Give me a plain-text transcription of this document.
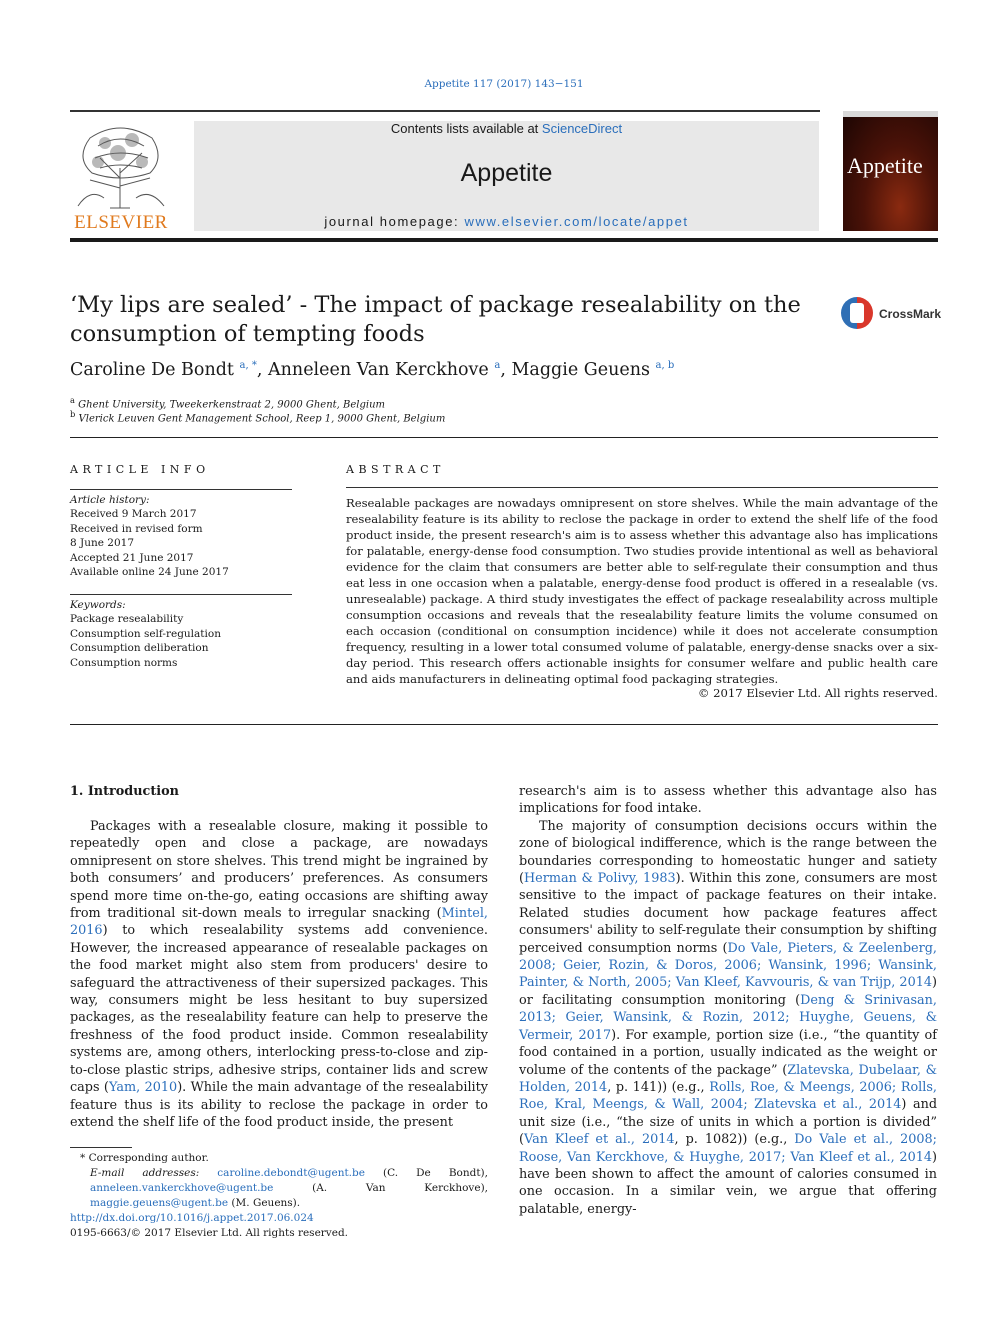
Appetite 117 (2017) 143−151
ELSEVIER
Contents lists available at ScienceDirect
Appetite
journal homepage: www.elsevier.com/locate/appet
Appetite
‘My lips are sealed’ - The impact of package resealability on the
consumption of tempting foods
CrossMark
Caroline De Bondt $^{a, *}$, Anneleen Van Kerckhove $^a$, Maggie Geuens $^{a, b}$
$^a$ Ghent University, Tweekerkenstraat 2, 9000 Ghent, Belgium
$^b$ Vlerick Leuven Gent Management School, Reep 1, 9000 Ghent, Belgium
ARTICLE INFO
Article history:
Received 9 March 2017
Received in revised form
8 June 2017
Accepted 21 June 2017
Available online 24 June 2017
Keywords:
Package resealability
Consumption self-regulation
Consumption deliberation
Consumption norms
ABSTRACT
Resealable packages are nowadays omnipresent on store shelves. While the main advantage of the resealability feature is its ability to reclose the package in order to extend the shelf life of the food product inside, the present research's aim is to assess whether this advantage also has implications for palatable, energy-dense food consumption. Two studies provide intentional as well as behavioral evidence for the claim that consumers are better able to self-regulate their consumption and thus eat less in one occasion when a palatable, energy-dense food product is offered in a resealable (vs. unresealable) package. A third study investigates the effect of package resealability across multiple consumption occasions and reveals that the resealability feature limits the volume consumed on each occasion (conditional on consumption incidence) while it does not accelerate consumption frequency, resulting in a lower total consumed volume of palatable, energy-dense snacks over a six-day period. This research offers actionable insights for consumer welfare and public health care and aids manufacturers in delineating optimal food packaging strategies.
© 2017 Elsevier Ltd. All rights reserved.
1. Introduction

Packages with a resealable closure, making it possible to repeatedly open and close a package, are nowadays omnipresent on store shelves. This trend might be ingrained by both consumers’ and producers’ preferences. As consumers spend more time on-the-go, eating occasions are shifting away from traditional sit-down meals to irregular snacking (Mintel, 2016) to which resealability systems add convenience. However, the increased appearance of resealable packages on the food market might also stem from producers' desire to safeguard the attractiveness of their supersized packages. This way, consumers might be less hesitant to buy supersized packages, as the resealability feature can help to preserve the freshness of the food product inside. Common resealability systems are, among others, interlocking press-to-close and zip-to-close plastic strips, adhesive strips, container lids and screw caps (Yam, 2010). While the main advantage of the resealability feature thus is its ability to reclose the package in order to extend the shelf life of the food product inside, the present

research's aim is to assess whether this advantage also has implications for food intake.

The majority of consumption decisions occurs within the zone of biological indifference, which is the range between the boundaries corresponding to homeostatic hunger and satiety (Herman & Polivy, 1983). Within this zone, consumers are most sensitive to the impact of package features on their intake. Related studies document how package features affect consumers' ability to self-regulate their consumption by shifting perceived consumption norms (Do Vale, Pieters, & Zeelenberg, 2008; Geier, Rozin, & Doros, 2006; Wansink, 1996; Wansink, Painter, & North, 2005; Van Kleef, Kavvouris, & van Trijp, 2014) or facilitating consumption monitoring (Deng & Srinivasan, 2013; Geier, Wansink, & Rozin, 2012; Huyghe, Geuens, & Vermeir, 2017). For example, portion size (i.e., “the quantity of food contained in a portion, usually indicated as the weight or volume of the contents of the package” (Zlatevska, Dubelaar, & Holden, 2014, p. 141)) (e.g., Rolls, Roe, & Meengs, 2006; Rolls, Roe, Kral, Meengs, & Wall, 2004; Zlatevska et al., 2014) and unit size (i.e., “the size of units in which a portion is divided” (Van Kleef et al., 2014, p. 1082)) (e.g., Do Vale et al., 2008; Roose, Van Kerckhove, & Huyghe, 2017; Van Kleef et al., 2014) have been shown to affect the amount of calories consumed in one occasion. In a similar vein, we argue that offering palatable, energy-

* Corresponding author.
E-mail addresses: caroline.debondt@ugent.be (C. De Bondt), anneleen.vankerckhove@ugent.be (A. Van Kerckhove), maggie.geuens@ugent.be (M. Geuens).
http://dx.doi.org/10.1016/j.appet.2017.06.024
0195-6663/© 2017 Elsevier Ltd. All rights reserved.
